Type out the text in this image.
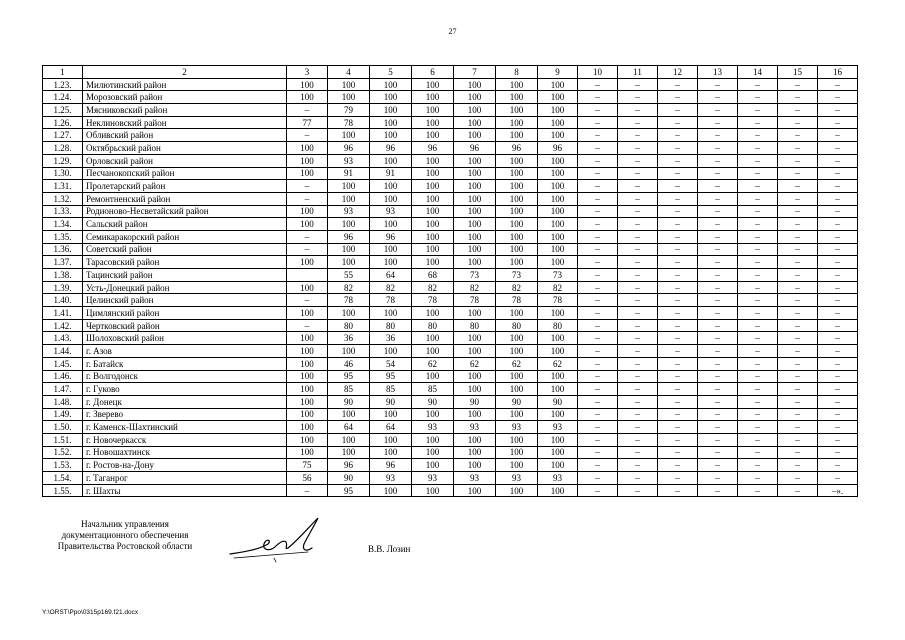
27
1	2	3	4	5	6	7	8	9	10	11	12	13	14	15	16
1.23.	Милютинский район	100	100	100	100	100	100	100	–	–	–	–	–	–	–
1.24.	Морозовский район	100	100	100	100	100	100	100	–	–	–	–	–	–	–
1.25.	Мясниковский район	–	79	100	100	100	100	100	–	–	–	–	–	–	–
1.26.	Неклиновский район	77	78	100	100	100	100	100	–	–	–	–	–	–	–
1.27.	Обливский район	–	100	100	100	100	100	100	–	–	–	–	–	–	–
1.28.	Октябрьский район	100	96	96	96	96	96	96	–	–	–	–	–	–	–
1.29.	Орловский район	100	93	100	100	100	100	100	–	–	–	–	–	–	–
1.30.	Песчанокопский район	100	91	91	100	100	100	100	–	–	–	–	–	–	–
1.31.	Пролетарский район	–	100	100	100	100	100	100	–	–	–	–	–	–	–
1.32.	Ремонтненский район	–	100	100	100	100	100	100	–	–	–	–	–	–	–
1.33.	Родионово-Несветайский район	100	93	93	100	100	100	100	–	–	–	–	–	–	–
1.34.	Сальский район	100	100	100	100	100	100	100	–	–	–	–	–	–	–
1.35.	Семикаракорский район	–	96	96	100	100	100	100	–	–	–	–	–	–	–
1.36.	Советский район	–	100	100	100	100	100	100	–	–	–	–	–	–	–
1.37.	Тарасовский район	100	100	100	100	100	100	100	–	–	–	–	–	–	–
1.38.	Тацинский район		55	64	68	73	73	73	–	–	–	–	–	–	–
1.39.	Усть-Донецкий район	100	82	82	82	82	82	82	–	–	–	–	–	–	–
1.40.	Целинский район	–	78	78	78	78	78	78	–	–	–	–	–	–	–
1.41.	Цимлянский район	100	100	100	100	100	100	100	–	–	–	–	–	–	–
1.42.	Чертковский район	–	80	80	80	80	80	80	–	–	–	–	–	–	–
1.43.	Шолоховский район	100	36	36	100	100	100	100	–	–	–	–	–	–	–
1.44.	г. Азов	100	100	100	100	100	100	100	–	–	–	–	–	–	–
1.45.	г. Батайск	100	46	54	62	62	62	62	–	–	–	–	–	–	–
1.46.	г. Волгодонск	100	95	95	100	100	100	100	–	–	–	–	–	–	–
1.47.	г. Гуково	100	85	85	85	100	100	100	–	–	–	–	–	–	–
1.48.	г. Донецк	100	90	90	90	90	90	90	–	–	–	–	–	–	–
1.49.	г. Зверево	100	100	100	100	100	100	100	–	–	–	–	–	–	–
1.50.	г. Каменск-Шахтинский	100	64	64	93	93	93	93	–	–	–	–	–	–	–
1.51.	г. Новочеркасск	100	100	100	100	100	100	100	–	–	–	–	–	–	–
1.52.	г. Новошахтинск	100	100	100	100	100	100	100	–	–	–	–	–	–	–
1.53.	г. Ростов-на-Дону	75	96	96	100	100	100	100	–	–	–	–	–	–	–
1.54.	г. Таганрог	56	90	93	93	93	93	93	–	–	–	–	–	–	–
1.55.	г. Шахты	–	95	100	100	100	100	100	–	–	–	–	–	–	–».
Начальник управления
документационного обеспечения
Правительства Ростовской области	В.В. Лозин
Y:\ORST\Ppo\0315p169.f21.docx
